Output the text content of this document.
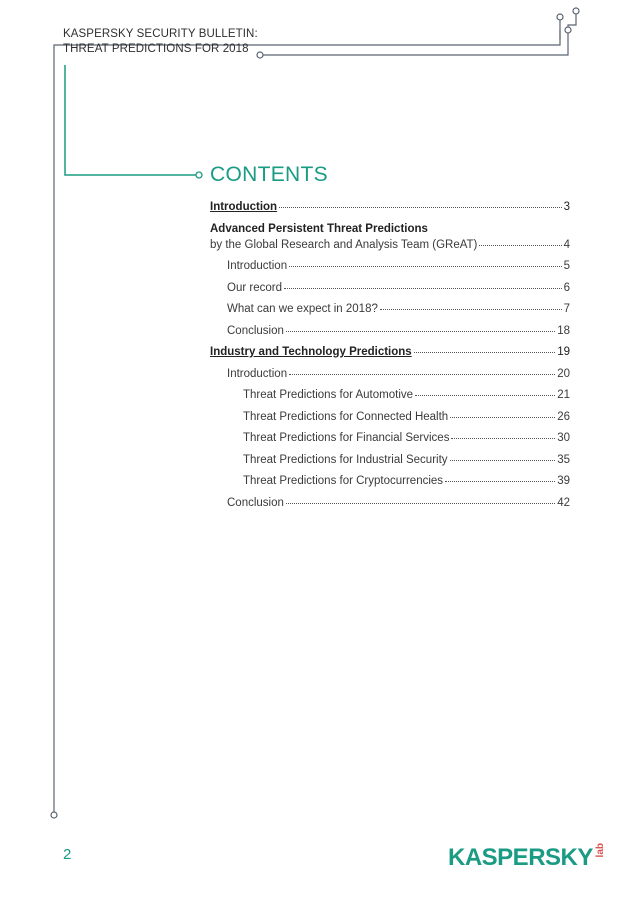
KASPERSKY SECURITY BULLETIN:
THREAT PREDICTIONS FOR 2018
CONTENTS
Introduction	3
Advanced Persistent Threat Predictions
by the Global Research and Analysis Team (GReAT)	4
Introduction	5
Our record	6
What can we expect in 2018?	7
Conclusion	18
Industry and Technology Predictions	19
Introduction	20
Threat Predictions for Automotive	21
Threat Predictions for Connected Health	26
Threat Predictions for Financial Services	30
Threat Predictions for Industrial Security	35
Threat Predictions for Cryptocurrencies	39
Conclusion	42
2	KASPERSKY lab
